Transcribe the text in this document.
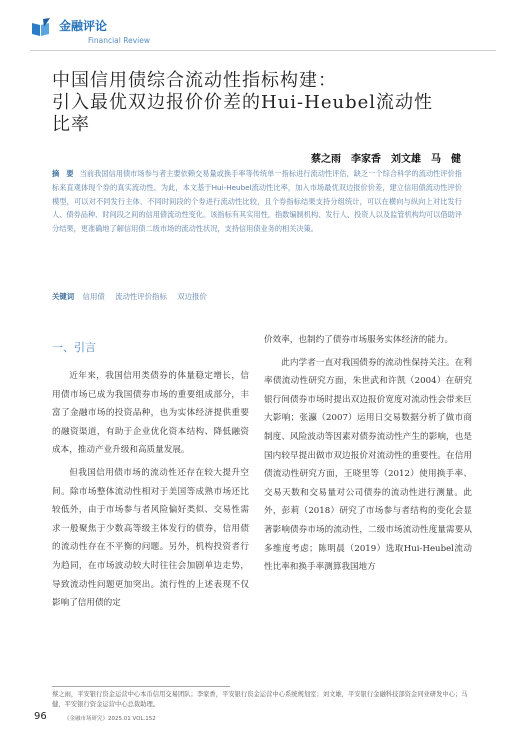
金融评论
Financial Review
中国信用债综合流动性指标构建：
引入最优双边报价价差的Hui-Heubel流动性
比率
蔡之雨　李家香　刘文雄　马　健
摘　要 当前我国信用债市场参与者主要依赖交易量或换手率等传统单一指标进行流动性评估，缺乏一个综合科学的流动性评价指标来直观体现个券的真实流动性。为此，本文基于Hui-Heubel流动性比率，加入市场最优双边报价价差，建立信用债流动性评价模型，可以对不同发行主体、不同时间段的个券进行流动性比较，且个券指标结果支持分组统计，可以在横向与纵向上对比发行人、债券品种、时间段之间的信用债流动性变化。该指标有其实用性，指数编制机构、发行人、投资人以及监管机构均可以借助评分结果，更准确地了解信用债二级市场的流动性状况，支持信用债业务的相关决策。
关键词 信用债 流动性评价指标 双边报价
一、引言

近年来，我国信用类债券的体量稳定增长，信用债市场已成为我国债券市场的重要组成部分，丰富了金融市场的投资品种，也为实体经济提供重要的融资渠道，有助于企业优化资本结构、降低融资成本，推动产业升级和高质量发展。

但我国信用债市场的流动性还存在较大提升空间。除市场整体流动性相对于美国等成熟市场还比较低外，由于市场参与者风险偏好类似、交易性需求一般聚焦于少数高等级主体发行的债券，信用债的流动性存在不平衡的问题。另外，机构投资者行为趋同，在市场波动较大时往往会加剧单边走势，导致流动性问题更加突出。流行性的上述表现不仅影响了信用债的定

价效率，也制约了债券市场服务实体经济的能力。

此内学者一直对我国债券的流动性保持关注。在利率债流动性研究方面，朱世武和许凯（2004）在研究银行间债券市场时提出双边报价宽度对流动性会带来巨大影响；张瀛（2007）运用日交易数据分析了做市商制度、风险波动等因素对债券流动性产生的影响，也是国内较早提出做市双边报价对流动性的重要性。在信用债流动性研究方面，王晓里等（2012）使用换手率、交易天数和交易量对公司债券的流动性进行测量。此外，彭莉（2018）研究了市场参与者结构的变化会显著影响债券市场的流动性，二级市场流动性度量需要从多维度考虑；陈明晨（2019）选取Hui-Heubel流动性比率和换手率测算我国地方

蔡之雨，平安银行资金运营中心本币信用交易团队；李家香，平安银行资金运营中心系统规划室；刘文雄，平安银行金融科技部资金同业研发中心；马健，平安银行资金运营中心总裁助理。
96	《金融市场研究》2025.01 VOL.152
